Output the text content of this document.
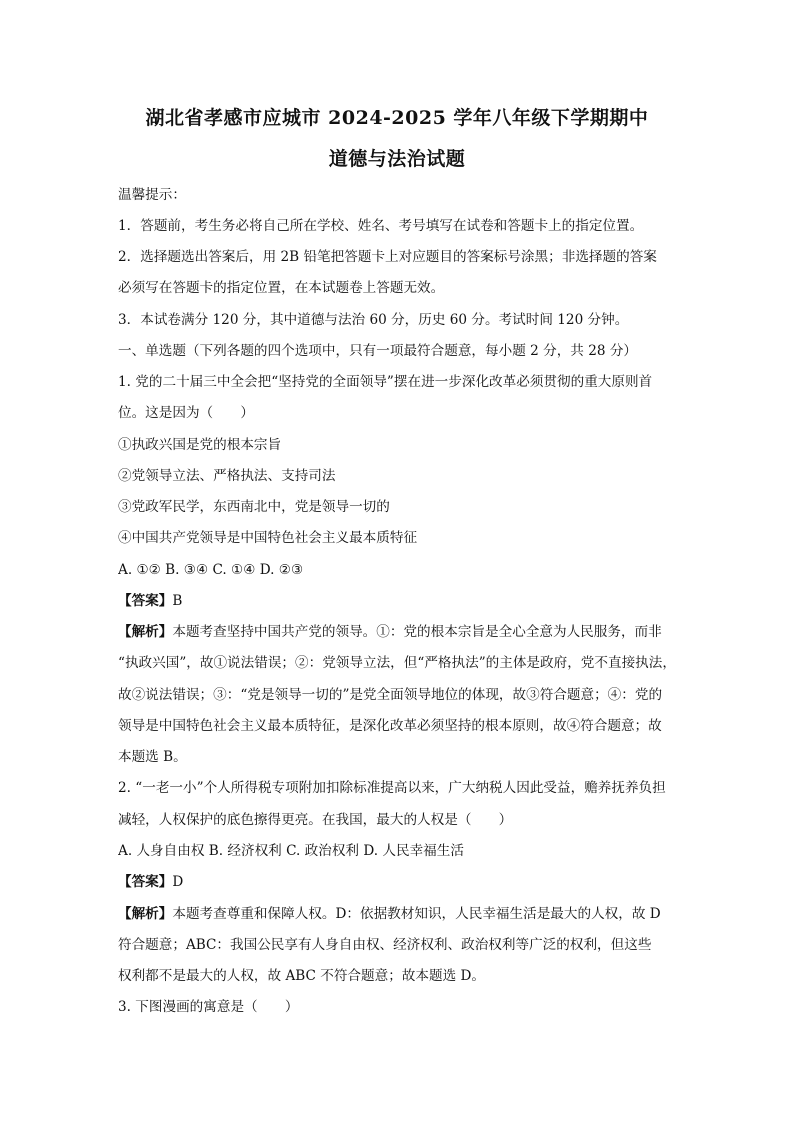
湖北省孝感市应城市 2024-2025 学年八年级下学期期中
道德与法治试题
温馨提示：
1．答题前，考生务必将自己所在学校、姓名、考号填写在试卷和答题卡上的指定位置。
2．选择题选出答案后，用 2B 铅笔把答题卡上对应题目的答案标号涂黑；非选择题的答案
必须写在答题卡的指定位置，在本试题卷上答题无效。
3．本试卷满分 120 分，其中道德与法治 60 分，历史 60 分。考试时间 120 分钟。
一、单选题（下列各题的四个选项中，只有一项最符合题意，每小题 2 分，共 28 分）
1. 党的二十届三中全会把“坚持党的全面领导”摆在进一步深化改革必须贯彻的重大原则首
位。这是因为（　　）
①执政兴国是党的根本宗旨
②党领导立法、严格执法、支持司法
③党政军民学，东西南北中，党是领导一切的
④中国共产党领导是中国特色社会主义最本质特征
A. ①② B. ③④ C. ①④ D. ②③
【答案】B
【解析】本题考查坚持中国共产党的领导。①：党的根本宗旨是全心全意为人民服务，而非
“执政兴国”，故①说法错误；②：党领导立法，但“严格执法”的主体是政府，党不直接执法，
故②说法错误；③：“党是领导一切的”是党全面领导地位的体现，故③符合题意；④：党的
领导是中国特色社会主义最本质特征，是深化改革必须坚持的根本原则，故④符合题意；故
本题选 B。
2. “一老一小”个人所得税专项附加扣除标准提高以来，广大纳税人因此受益，赡养抚养负担
减轻，人权保护的底色擦得更亮。在我国，最大的人权是（　　）
A. 人身自由权 B. 经济权利 C. 政治权利 D. 人民幸福生活
【答案】D
【解析】本题考查尊重和保障人权。D：依据教材知识，人民幸福生活是最大的人权，故 D
符合题意；ABC：我国公民享有人身自由权、经济权利、政治权利等广泛的权利，但这些
权利都不是最大的人权，故 ABC 不符合题意；故本题选 D。
3. 下图漫画的寓意是（　　）
